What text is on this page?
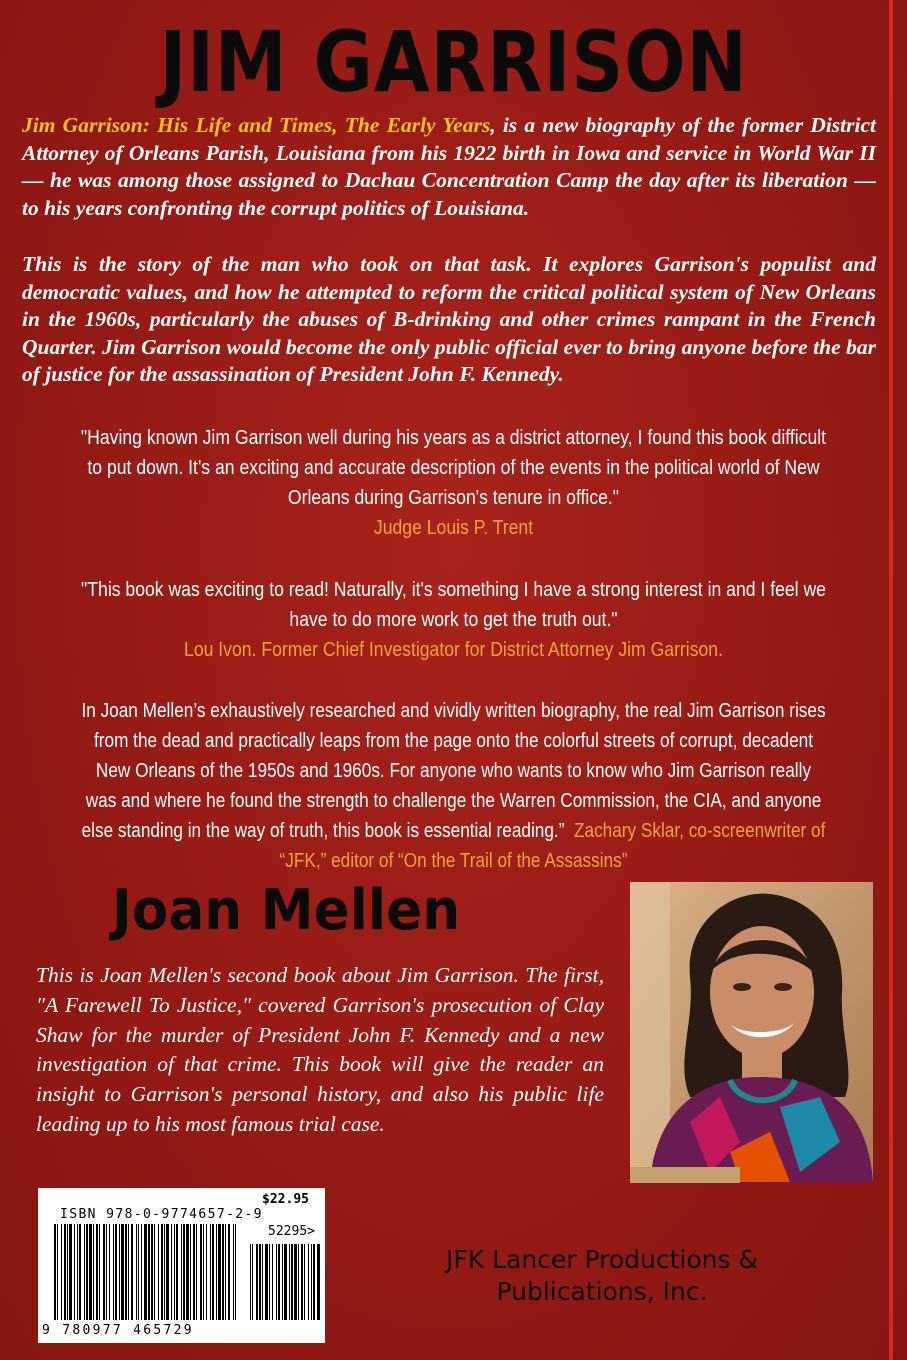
JIM GARRISON

Jim Garrison: His Life and Times, The Early Years, is a new biography of the former District Attorney of Orleans Parish, Louisiana from his 1922 birth in Iowa and service in World War II — he was among those assigned to Dachau Concentration Camp the day after its liberation — to his years confronting the corrupt politics of Louisiana.

This is the story of the man who took on that task. It explores Garrison's populist and democratic values, and how he attempted to reform the critical political system of New Orleans in the 1960s, particularly the abuses of B-drinking and other crimes rampant in the French Quarter. Jim Garrison would become the only public official ever to bring anyone before the bar of justice for the assassination of President John F. Kennedy.

"Having known Jim Garrison well during his years as a district attorney, I found this book difficult to put down. It's an exciting and accurate description of the events in the political world of New Orleans during Garrison's tenure in office."
Judge Louis P. Trent
"This book was exciting to read! Naturally, it's something I have a strong interest in and I feel we have to do more work to get the truth out."
Lou Ivon. Former Chief Investigator for District Attorney Jim Garrison.
In Joan Mellen’s exhaustively researched and vividly written biography, the real Jim Garrison rises from the dead and practically leaps from the page onto the colorful streets of corrupt, decadent New Orleans of the 1950s and 1960s. For anyone who wants to know who Jim Garrison really was and where he found the strength to challenge the Warren Commission, the CIA, and anyone else standing in the way of truth, this book is essential reading.” Zachary Sklar, co-screenwriter of “JFK,” editor of “On the Trail of the Assassins”
Joan Mellen
This is Joan Mellen's second book about Jim Garrison. The first, "A Farewell To Justice," covered Garrison's prosecution of Clay Shaw for the murder of President John F. Kennedy and a new investigation of that crime. This book will give the reader an insight to Garrison's personal history, and also his public life leading up to his most famous trial case.
$22.95
ISBN 978-0-9774657-2-9
52295>
9 780977 465729
JFK Lancer Productions &
Publications, Inc.
